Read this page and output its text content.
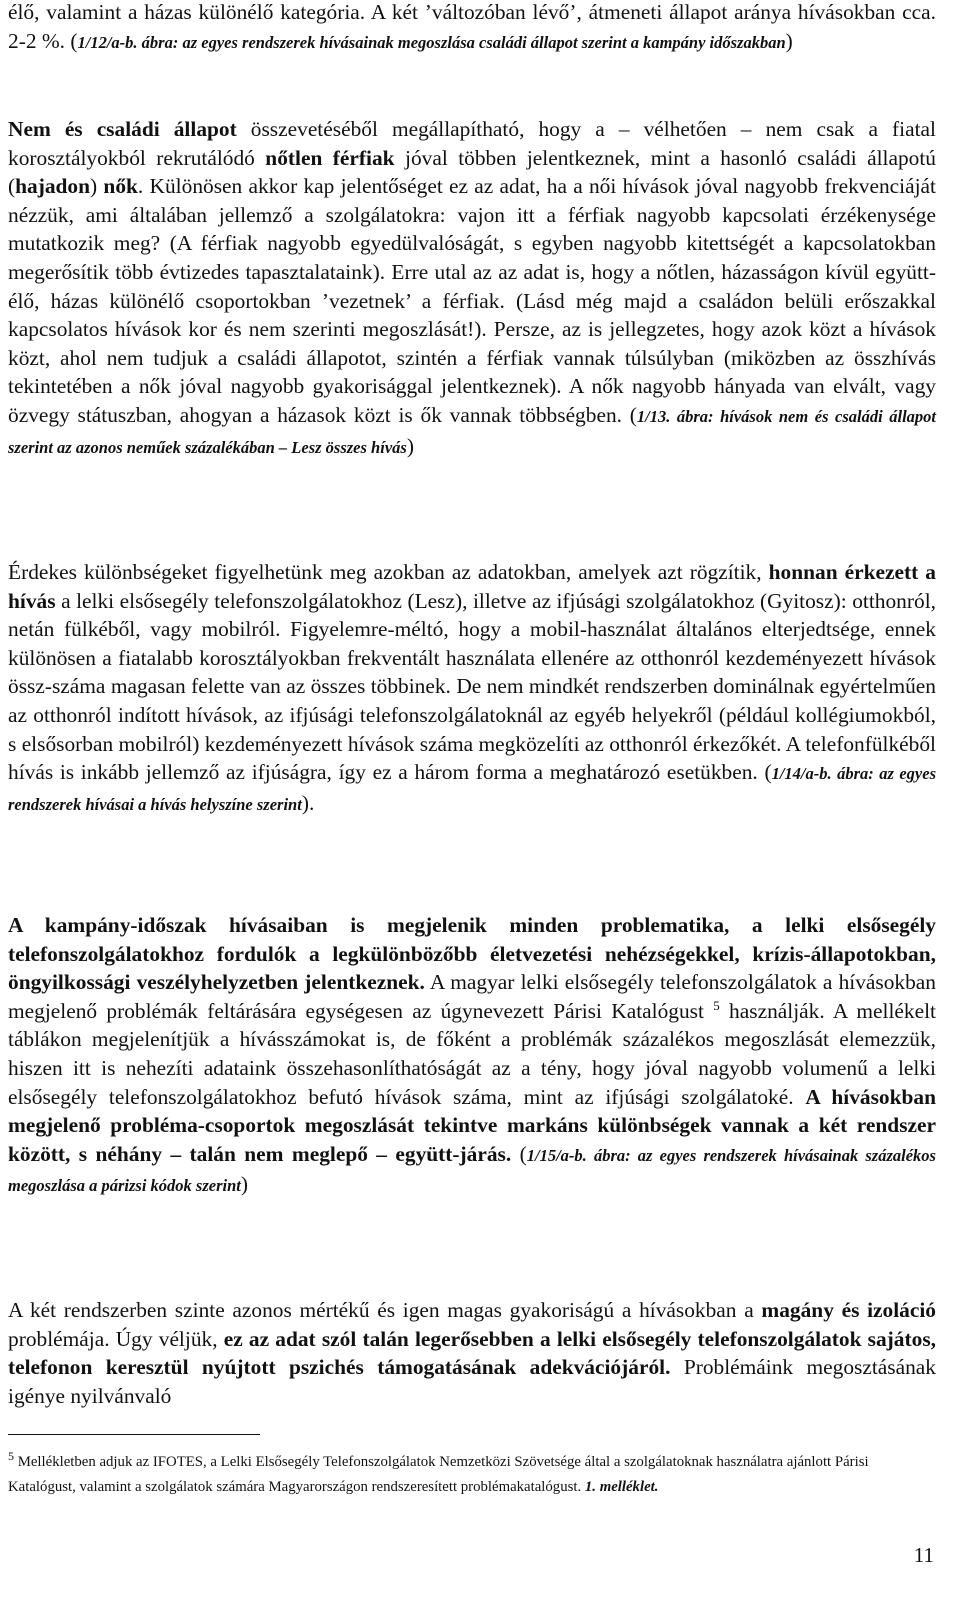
élő, valamint a házas különélő kategória. A két ’változóban lévő’, átmeneti állapot aránya hívásokban cca. 2-2 %. (1/12/a-b. ábra: az egyes rendszerek hívásainak megoszlása családi állapot szerint a kampány időszakban)

Nem és családi állapot összevetéséből megállapítható, hogy a – vélhetően – nem csak a fiatal korosztályokból rekrutálódó nőtlen férfiak jóval többen jelentkeznek, mint a hasonló családi állapotú (hajadon) nők. Különösen akkor kap jelentőséget ez az adat, ha a női hívások jóval nagyobb frekvenciáját nézzük, ami általában jellemző a szolgálatokra: vajon itt a férfiak nagyobb kapcsolati érzékenysége mutatkozik meg? (A férfiak nagyobb egyedülvalóságát, s egyben nagyobb kitettségét a kapcsolatokban megerősítik több évtizedes tapasztalataink). Erre utal az az adat is, hogy a nőtlen, házasságon kívül együtt-élő, házas különélő csoportokban ’vezetnek’ a férfiak. (Lásd még majd a családon belüli erőszakkal kapcsolatos hívások kor és nem szerinti megoszlását!). Persze, az is jellegzetes, hogy azok közt a hívások közt, ahol nem tudjuk a családi állapotot, szintén a férfiak vannak túlsúlyban (miközben az összhívás tekintetében a nők jóval nagyobb gyakorisággal jelentkeznek). A nők nagyobb hányada van elvált, vagy özvegy státuszban, ahogyan a házasok közt is ők vannak többségben. (1/13. ábra: hívások nem és családi állapot szerint az azonos neműek százalékában – Lesz összes hívás)

Érdekes különbségeket figyelhetünk meg azokban az adatokban, amelyek azt rögzítik, honnan érkezett a hívás a lelki elsősegély telefonszolgálatokhoz (Lesz), illetve az ifjúsági szolgálatokhoz (Gyitosz): otthonról, netán fülkéből, vagy mobilról. Figyelemre-méltó, hogy a mobil-használat általános elterjedtsége, ennek különösen a fiatalabb korosztályokban frekventált használata ellenére az otthonról kezdeményezett hívások össz-száma magasan felette van az összes többinek. De nem mindkét rendszerben dominálnak egyértelműen az otthonról indított hívások, az ifjúsági telefonszolgálatoknál az egyéb helyekről (például kollégiumokból, s elsősorban mobilról) kezdeményezett hívások száma megközelíti az otthonról érkezőkét. A telefonfülkéből hívás is inkább jellemző az ifjúságra, így ez a három forma a meghatározó esetükben. (1/14/a-b. ábra: az egyes rendszerek hívásai a hívás helyszíne szerint).

A kampány-időszak hívásaiban is megjelenik minden problematika, a lelki elsősegély telefonszolgálatokhoz fordulók a legkülönbözőbb életvezetési nehézségekkel, krízis-állapotokban, öngyilkossági veszélyhelyzetben jelentkeznek. A magyar lelki elsősegély telefonszolgálatok a hívásokban megjelenő problémák feltárására egységesen az úgynevezett Párisi Katalógust $^5$ használják. A mellékelt táblákon megjelenítjük a hívásszámokat is, de főként a problémák százalékos megoszlását elemezzük, hiszen itt is nehezíti adataink összehasonlíthatóságát az a tény, hogy jóval nagyobb volumenű a lelki elsősegély telefonszolgálatokhoz befutó hívások száma, mint az ifjúsági szolgálatoké. A hívásokban megjelenő probléma-csoportok megoszlását tekintve markáns különbségek vannak a két rendszer között, s néhány – talán nem meglepő – együtt-járás. (1/15/a-b. ábra: az egyes rendszerek hívásainak százalékos megoszlása a párizsi kódok szerint)

A két rendszerben szinte azonos mértékű és igen magas gyakoriságú a hívásokban a magány és izoláció problémája. Úgy véljük, ez az adat szól talán legerősebben a lelki elsősegély telefonszolgálatok sajátos, telefonon keresztül nyújtott pszichés támogatásának adekvációjáról. Problémáink megosztásának igénye nyilvánvaló

$^5$ Mellékletben adjuk az IFOTES, a Lelki Elsősegély Telefonszolgálatok Nemzetközi Szövetsége által a szolgálatoknak használatra ajánlott Párisi Katalógust, valamint a szolgálatok számára Magyarországon rendszeresített problémakatalógust. 1. melléklet.

11
